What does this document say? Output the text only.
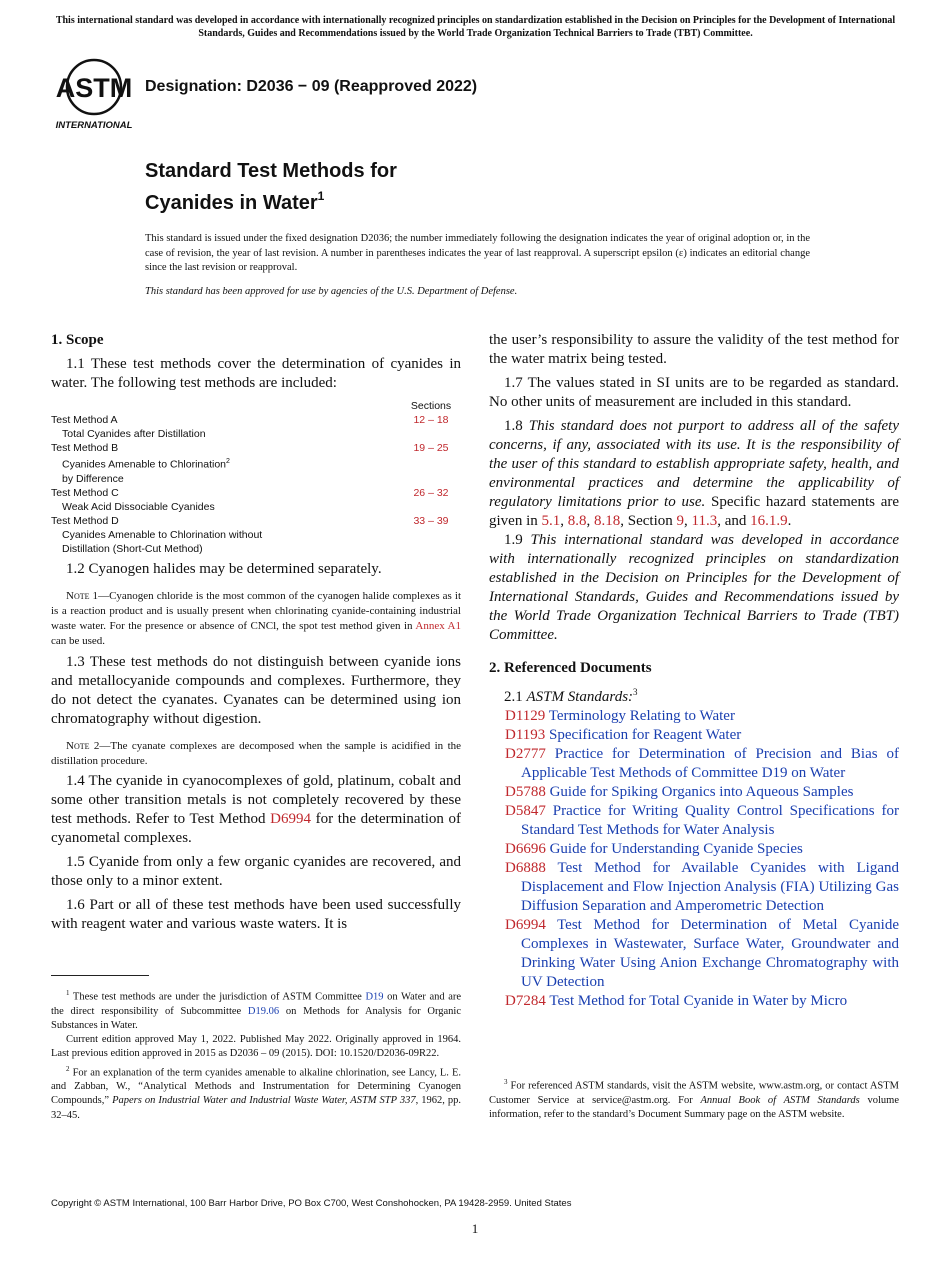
This international standard was developed in accordance with internationally recognized principles on standardization established in the Decision on Principles for the Development of International Standards, Guides and Recommendations issued by the World Trade Organization Technical Barriers to Trade (TBT) Committee.
ASTM
INTERNATIONAL
Designation: D2036 − 09 (Reapproved 2022)
Standard Test Methods for
Cyanides in Water$^1$
This standard is issued under the fixed designation D2036; the number immediately following the designation indicates the year of original adoption or, in the case of revision, the year of last revision. A number in parentheses indicates the year of last reapproval. A superscript epsilon (ε) indicates an editorial change since the last revision or reapproval.
This standard has been approved for use by agencies of the U.S. Department of Defense.
1. Scope

1.1 These test methods cover the determination of cyanides in water. The following test methods are included:

Sections
Test Method A	12 – 18
Total Cyanides after Distillation
Test Method B	19 – 25
Cyanides Amenable to Chlorination$^2$
by Difference
Test Method C	26 – 32
Weak Acid Dissociable Cyanides
Test Method D	33 – 39
Cyanides Amenable to Chlorination without
Distillation (Short-Cut Method)

1.2 Cyanogen halides may be determined separately.

Note 1—Cyanogen chloride is the most common of the cyanogen halide complexes as it is a reaction product and is usually present when chlorinating cyanide-containing industrial waste water. For the presence or absence of CNCl, the spot test method given in Annex A1 can be used.

1.3 These test methods do not distinguish between cyanide ions and metallocyanide compounds and complexes. Furthermore, they do not detect the cyanates. Cyanates can be determined using ion chromatography without digestion.

Note 2—The cyanate complexes are decomposed when the sample is acidified in the distillation procedure.

1.4 The cyanide in cyanocomplexes of gold, platinum, cobalt and some other transition metals is not completely recovered by these test methods. Refer to Test Method D6994 for the determination of cyanometal complexes.

1.5 Cyanide from only a few organic cyanides are recovered, and those only to a minor extent.

1.6 Part or all of these test methods have been used successfully with reagent water and various waste waters. It is

$^1$ These test methods are under the jurisdiction of ASTM Committee D19 on Water and are the direct responsibility of Subcommittee D19.06 on Methods for Analysis for Organic Substances in Water.

Current edition approved May 1, 2022. Published May 2022. Originally approved in 1964. Last previous edition approved in 2015 as D2036 – 09 (2015). DOI: 10.1520/D2036-09R22.

$^2$ For an explanation of the term cyanides amenable to alkaline chlorination, see Lancy, L. E. and Zabban, W., “Analytical Methods and Instrumentation for Determining Cyanogen Compounds,” Papers on Industrial Water and Industrial Waste Water, ASTM STP 337, 1962, pp. 32–45.

the user’s responsibility to assure the validity of the test method for the water matrix being tested.

1.7 The values stated in SI units are to be regarded as standard. No other units of measurement are included in this standard.

1.8 This standard does not purport to address all of the safety concerns, if any, associated with its use. It is the responsibility of the user of this standard to establish appropriate safety, health, and environmental practices and determine the applicability of regulatory limitations prior to use. Specific hazard statements are given in 5.1, 8.8, 8.18, Section 9, 11.3, and 16.1.9.

1.9 This international standard was developed in accordance with internationally recognized principles on standardization established in the Decision on Principles for the Development of International Standards, Guides and Recommendations issued by the World Trade Organization Technical Barriers to Trade (TBT) Committee.

2. Referenced Documents

2.1 ASTM Standards:$^3$

D1129 Terminology Relating to Water

D1193 Specification for Reagent Water

D2777 Practice for Determination of Precision and Bias of Applicable Test Methods of Committee D19 on Water

D5788 Guide for Spiking Organics into Aqueous Samples

D5847 Practice for Writing Quality Control Specifications for Standard Test Methods for Water Analysis

D6696 Guide for Understanding Cyanide Species

D6888 Test Method for Available Cyanides with Ligand Displacement and Flow Injection Analysis (FIA) Utilizing Gas Diffusion Separation and Amperometric Detection

D6994 Test Method for Determination of Metal Cyanide Complexes in Wastewater, Surface Water, Groundwater and Drinking Water Using Anion Exchange Chromatography with UV Detection

D7284 Test Method for Total Cyanide in Water by Micro

$^3$ For referenced ASTM standards, visit the ASTM website, www.astm.org, or contact ASTM Customer Service at service@astm.org. For Annual Book of ASTM Standards volume information, refer to the standard’s Document Summary page on the ASTM website.

Copyright © ASTM International, 100 Barr Harbor Drive, PO Box C700, West Conshohocken, PA 19428-2959. United States
1
